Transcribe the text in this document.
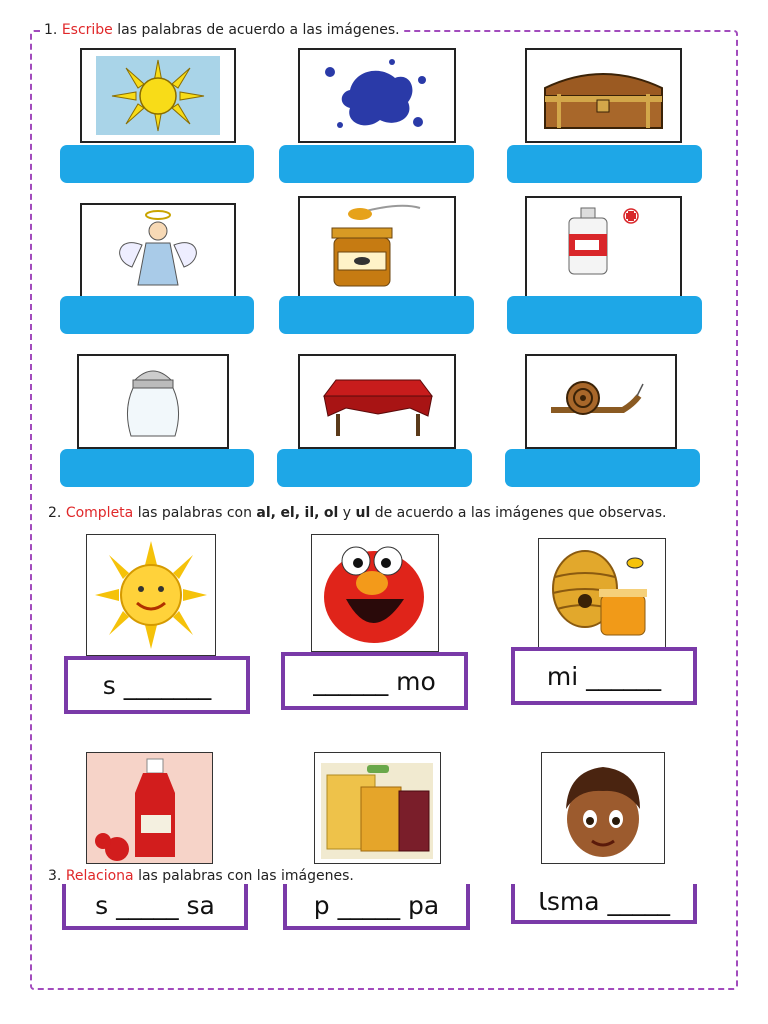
1. Escribe las palabras de acuerdo a las imágenes.
2. Completa las palabras con al, el, il, ol y ul de acuerdo a las imágenes que observas.
s _______	______ mo	mi ______
3. Relaciona las palabras con las imágenes.
s _____ sa	p _____ pa	Ɩsma _____
